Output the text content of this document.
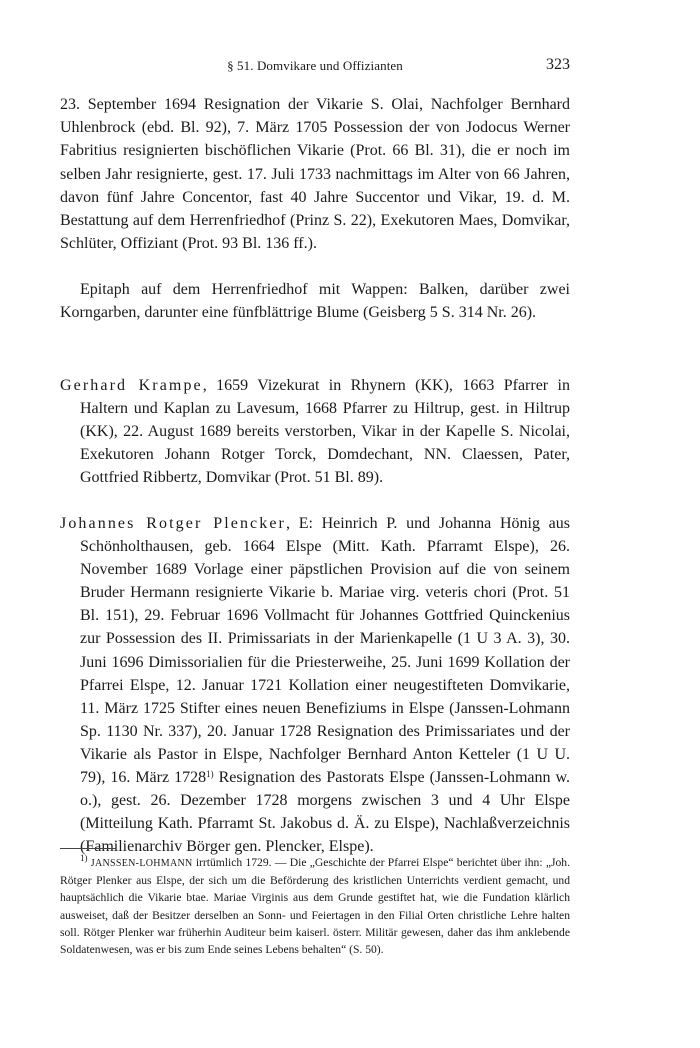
§ 51. Domvikare und Offizianten	323
23. September 1694 Resignation der Vikarie S. Olai, Nachfolger Bernhard Uhlenbrock (ebd. Bl. 92), 7. März 1705 Possession der von Jodocus Werner Fabritius resignierten bischöflichen Vikarie (Prot. 66 Bl. 31), die er noch im selben Jahr resignierte, gest. 17. Juli 1733 nachmittags im Alter von 66 Jahren, davon fünf Jahre Concentor, fast 40 Jahre Succentor und Vikar, 19. d. M. Bestattung auf dem Herrenfriedhof (Prinz S. 22), Exekutoren Maes, Domvikar, Schlüter, Offiziant (Prot. 93 Bl. 136 ff.).
Epitaph auf dem Herrenfriedhof mit Wappen: Balken, darüber zwei Korngarben, darunter eine fünfblättrige Blume (Geisberg 5 S. 314 Nr. 26).

Gerhard Krampe, 1659 Vizekurat in Rhynern (KK), 1663 Pfarrer in Haltern und Kaplan zu Lavesum, 1668 Pfarrer zu Hiltrup, gest. in Hiltrup (KK), 22. August 1689 bereits verstorben, Vikar in der Kapelle S. Nicolai, Exekutoren Johann Rotger Torck, Domdechant, NN. Claessen, Pater, Gottfried Ribbertz, Domvikar (Prot. 51 Bl. 89).

Johannes Rotger Plencker, E: Heinrich P. und Johanna Hönig aus Schönholthausen, geb. 1664 Elspe (Mitt. Kath. Pfarramt Elspe), 26. November 1689 Vorlage einer päpstlichen Provision auf die von seinem Bruder Hermann resignierte Vikarie b. Mariae virg. veteris chori (Prot. 51 Bl. 151), 29. Februar 1696 Vollmacht für Johannes Gottfried Quinckenius zur Possession des II. Primissariats in der Marienkapelle (1 U 3 A. 3), 30. Juni 1696 Dimissorialien für die Priesterweihe, 25. Juni 1699 Kollation der Pfarrei Elspe, 12. Januar 1721 Kollation einer neugestifteten Domvikarie, 11. März 1725 Stifter eines neuen Benefiziums in Elspe (Janssen-Lohmann Sp. 1130 Nr. 337), 20. Januar 1728 Resignation des Primissariates und der Vikarie als Pastor in Elspe, Nachfolger Bernhard Anton Ketteler (1 U U. 79), 16. März 1728$^{1)}$ Resignation des Pastorats Elspe (Janssen-Lohmann w. o.), gest. 26. Dezember 1728 morgens zwischen 3 und 4 Uhr Elspe (Mitteilung Kath. Pfarramt St. Jakobus d. Ä. zu Elspe), Nachlaßverzeichnis (Familienarchiv Börger gen. Plencker, Elspe).

$^{1)}$ JANSSEN-LOHMANN irrtümlich 1729. — Die „Geschichte der Pfarrei Elspe“ berichtet über ihn: „Joh. Rötger Plenker aus Elspe, der sich um die Beförderung des kristlichen Unterrichts verdient gemacht, und hauptsächlich die Vikarie btae. Mariae Virginis aus dem Grunde gestiftet hat, wie die Fundation klärlich ausweiset, daß der Besitzer derselben an Sonn- und Feiertagen in den Filial Orten christliche Lehre halten soll. Rötger Plenker war früherhin Auditeur beim kaiserl. österr. Militär gewesen, daher das ihm anklebende Soldatenwesen, was er bis zum Ende seines Lebens behalten“ (S. 50).
